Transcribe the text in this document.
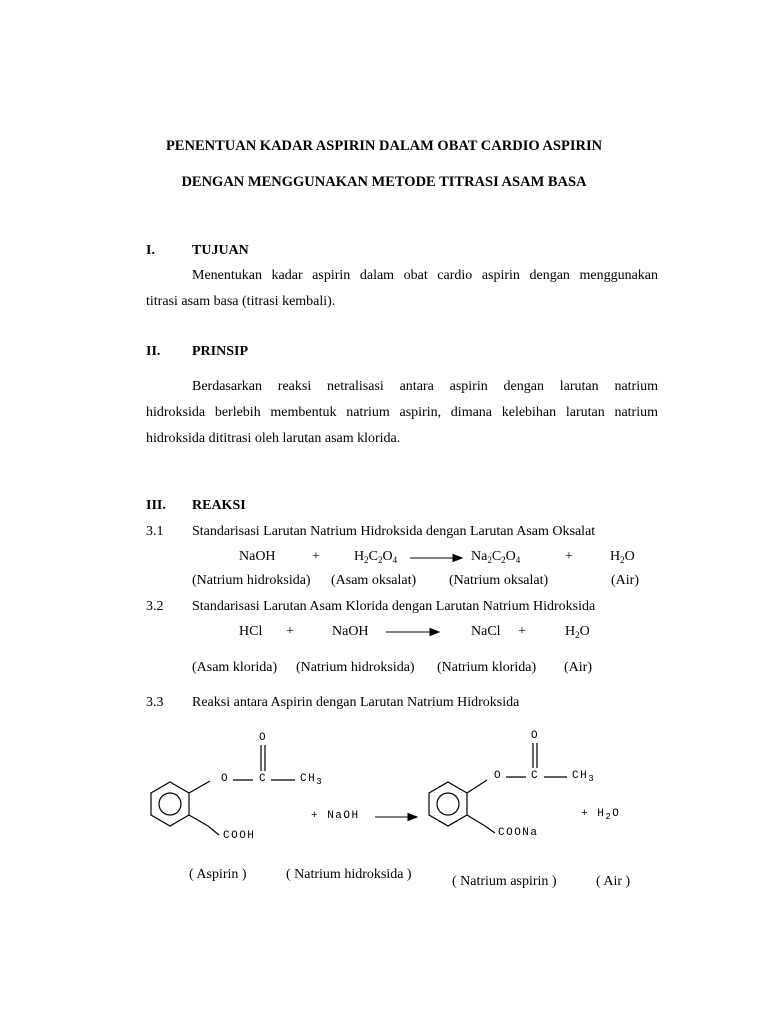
PENENTUAN KADAR ASPIRIN DALAM OBAT CARDIO ASPIRIN
DENGAN MENGGUNAKAN METODE TITRASI ASAM BASA
I.	TUJUAN
Menentukan kadar aspirin dalam obat cardio aspirin dengan menggunakan
titrasi asam basa (titrasi kembali).
II. PRINSIP
Berdasarkan reaksi netralisasi antara aspirin dengan larutan natrium
hidroksida berlebih membentuk natrium aspirin, dimana kelebihan larutan natrium
hidroksida dititrasi oleh larutan asam klorida.
III. REAKSI
3.1 Standarisasi Larutan Natrium Hidroksida dengan Larutan Asam Oksalat
NaOH	+ $H_2C_2O_4$	$Na_2C_2O_4$	+	$H_2O$
(Natrium hidroksida) (Asam oksalat) (Natrium oksalat)	(Air)
3.2 Standarisasi Larutan Asam Klorida dengan Larutan Natrium Hidroksida
HCl +	NaOH	NaCl +	$H_2O$
(Asam klorida) (Natrium hidroksida) (Natrium klorida) (Air)
3.3 Reaksi antara Aspirin dengan Larutan Natrium Hidroksida
O
O	C	$CH_3$
COOH
+ NaOH
O
O	C	$CH_3$
COONa
+ $H_2O$
( Aspirin )	( Natrium hidroksida )	( Natrium aspirin )	( Air )
